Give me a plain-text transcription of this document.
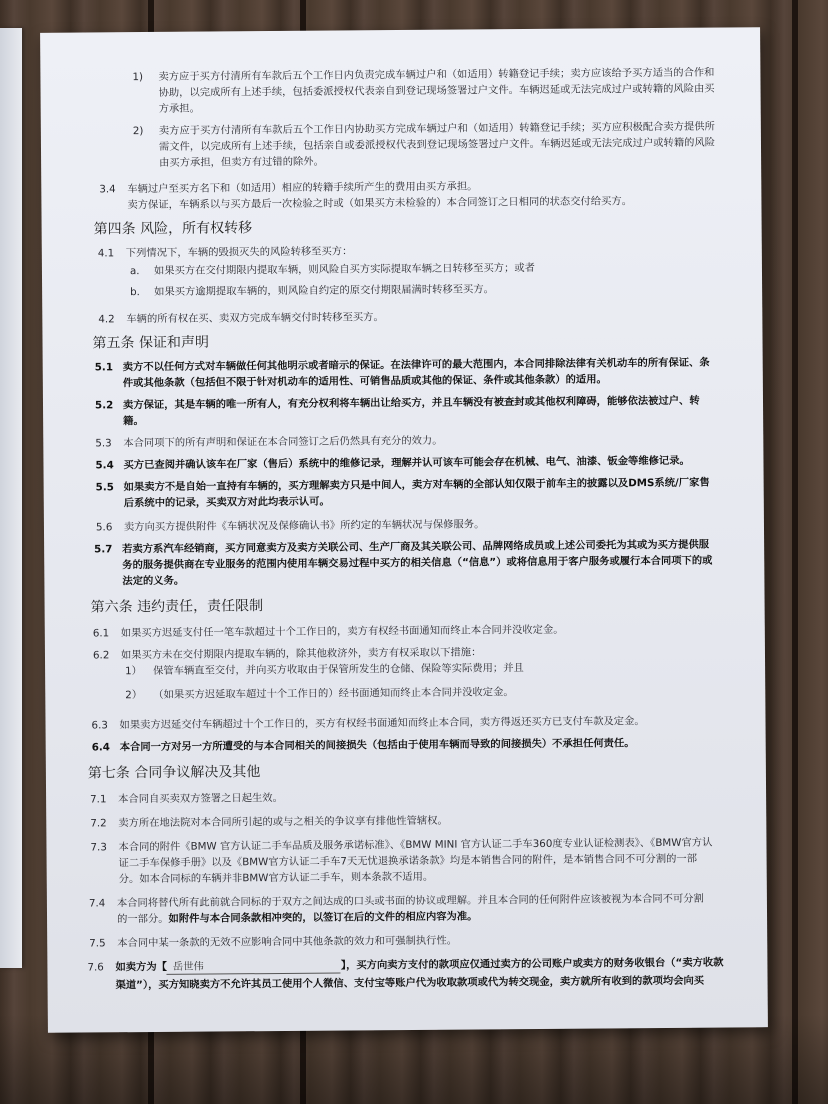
1) 卖方应于买方付清所有车款后五个工作日内负责完成车辆过户和（如适用）转籍登记手续；卖方应该给予买方适当的合作和
协助，以完成所有上述手续，包括委派授权代表亲自到登记现场签署过户文件。车辆迟延或无法完成过户或转籍的风险由买
方承担。
2) 卖方应于买方付清所有车款后五个工作日内协助买方完成车辆过户和（如适用）转籍登记手续；买方应积极配合卖方提供所
需文件，以完成所有上述手续，包括亲自或委派授权代表到登记现场签署过户文件。车辆迟延或无法完成过户或转籍的风险
由买方承担，但卖方有过错的除外。
3.4 车辆过户至买方名下和（如适用）相应的转籍手续所产生的费用由买方承担。
卖方保证，车辆系以与买方最后一次检验之时或（如果买方未检验的）本合同签订之日相同的状态交付给买方。
第四条 风险，所有权转移
4.1 下列情况下，车辆的毁损灭失的风险转移至买方：
a. 如果买方在交付期限内提取车辆，则风险自买方实际提取车辆之日转移至买方；或者
b. 如果买方逾期提取车辆的，则风险自约定的原交付期限届满时转移至买方。
4.2 车辆的所有权在买、卖双方完成车辆交付时转移至买方。
第五条 保证和声明
5.1 卖方不以任何方式对车辆做任何其他明示或者暗示的保证。在法律许可的最大范围内，本合同排除法律有关机动车的所有保证、条
件或其他条款（包括但不限于针对机动车的适用性、可销售品质或其他的保证、条件或其他条款）的适用。
5.2 卖方保证，其是车辆的唯一所有人，有充分权利将车辆出让给买方，并且车辆没有被查封或其他权利障碍，能够依法被过户、转
籍。
5.3 本合同项下的所有声明和保证在本合同签订之后仍然具有充分的效力。
5.4 买方已查阅并确认该车在厂家（售后）系统中的维修记录，理解并认可该车可能会存在机械、电气、油漆、钣金等维修记录。
5.5 如果卖方不是自始一直持有车辆的，买方理解卖方只是中间人，卖方对车辆的全部认知仅限于前车主的披露以及DMS系统/厂家售
后系统中的记录，买卖双方对此均表示认可。
5.6 卖方向买方提供附件《车辆状况及保修确认书》所约定的车辆状况与保修服务。
5.7 若卖方系汽车经销商，买方同意卖方及卖方关联公司、生产厂商及其关联公司、品牌网络成员或上述公司委托为其或为买方提供服
务的服务提供商在专业服务的范围内使用车辆交易过程中买方的相关信息（“信息”）或将信息用于客户服务或履行本合同项下的或
法定的义务。
第六条 违约责任，责任限制
6.1 如果买方迟延支付任一笔车款超过十个工作日的，卖方有权经书面通知而终止本合同并没收定金。
6.2 如果买方未在交付期限内提取车辆的，除其他救济外，卖方有权采取以下措施：
1） 保管车辆直至交付，并向买方收取由于保管所发生的仓储、保险等实际费用；并且
2） （如果买方迟延取车超过十个工作日的）经书面通知而终止本合同并没收定金。
6.3 如果卖方迟延交付车辆超过十个工作日的，买方有权经书面通知而终止本合同，卖方得返还买方已支付车款及定金。
6.4 本合同一方对另一方所遭受的与本合同相关的间接损失（包括由于使用车辆而导致的间接损失）不承担任何责任。
第七条 合同争议解决及其他
7.1 本合同自买卖双方签署之日起生效。
7.2 卖方所在地法院对本合同所引起的或与之相关的争议享有排他性管辖权。
7.3 本合同的附件《BMW 官方认证二手车品质及服务承诺标准》、《BMW MINI 官方认证二手车360度专业认证检测表》、《BMW官方认
证二手车保修手册》以及《BMW官方认证二手车7天无忧退换承诺条款》均是本销售合同的附件，是本销售合同不可分割的一部
分。如本合同标的车辆并非BMW官方认证二手车，则本条款不适用。
7.4 本合同将替代所有此前就合同标的于双方之间达成的口头或书面的协议或理解。并且本合同的任何附件应该被视为本合同不可分割
的一部分。如附件与本合同条款相冲突的，以签订在后的文件的相应内容为准。
7.5 本合同中某一条款的无效不应影响合同中其他条款的效力和可强制执行性。
7.6 如卖方为【 岳世伟	】，买方向卖方支付的款项应仅通过卖方的公司账户或卖方的财务收银台（“卖方收款
渠道”），买方知晓卖方不允许其员工使用个人微信、支付宝等账户代为收取款项或代为转交现金，卖方就所有收到的款项均会向买
